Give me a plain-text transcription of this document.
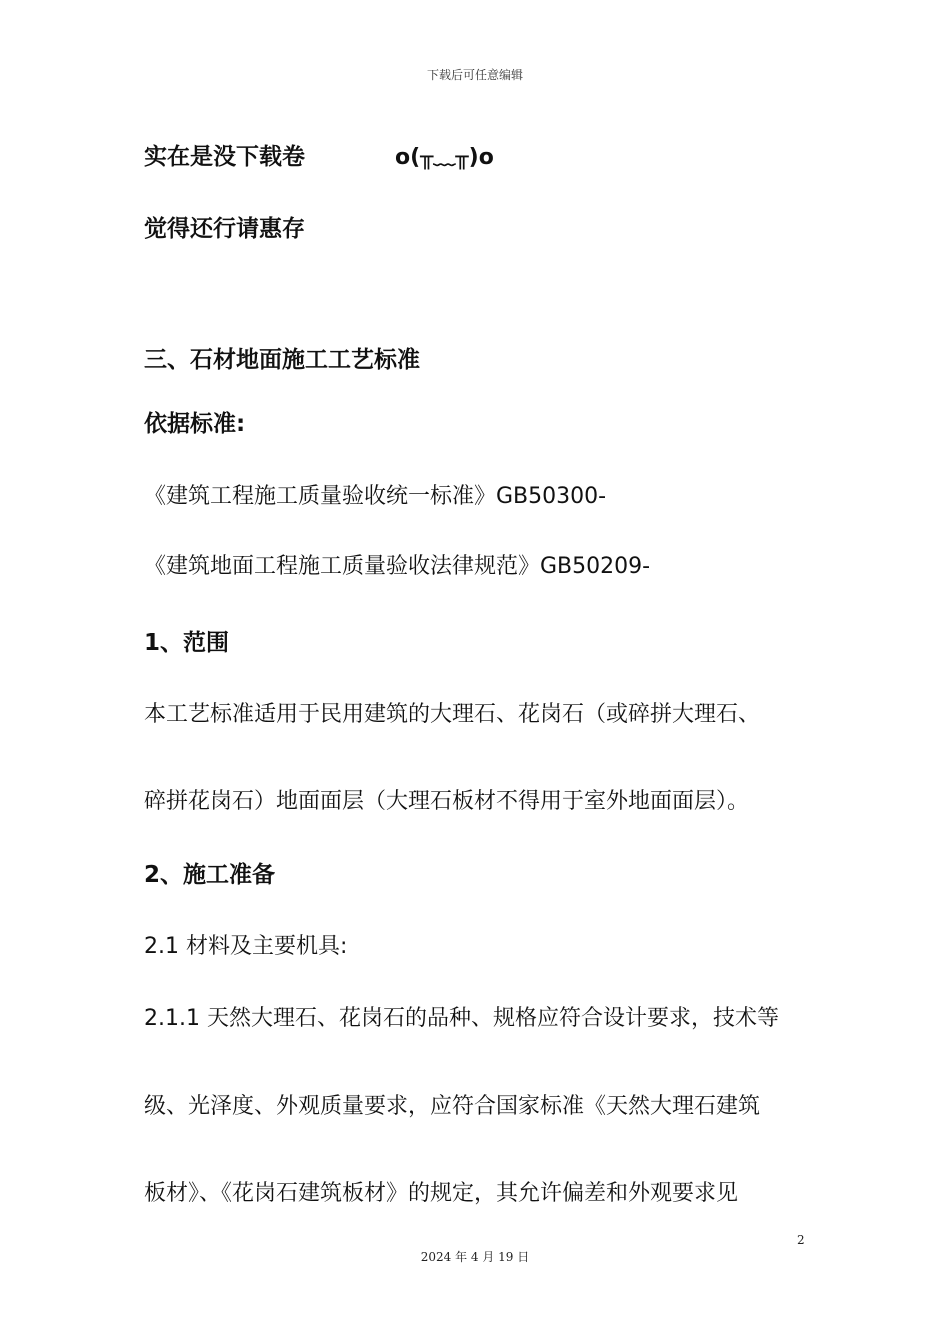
下载后可任意编辑
实在是没下载卷	o(╥﹏╥)o
觉得还行请惠存
三、石材地面施工工艺标准
依据标准:
《建筑工程施工质量验收统一标准》GB50300-
《建筑地面工程施工质量验收法律规范》GB50209-
1、范围
本工艺标准适用于民用建筑的大理石、花岗石（或碎拼大理石、
碎拼花岗石）地面面层（大理石板材不得用于室外地面面层）。
2、施工准备
2.1 材料及主要机具:
2.1.1 天然大理石、花岗石的品种、规格应符合设计要求，技术等
级、光泽度、外观质量要求，应符合国家标准《天然大理石建筑
板材》、《花岗石建筑板材》的规定，其允许偏差和外观要求见
2
2024 年 4 月 19 日
